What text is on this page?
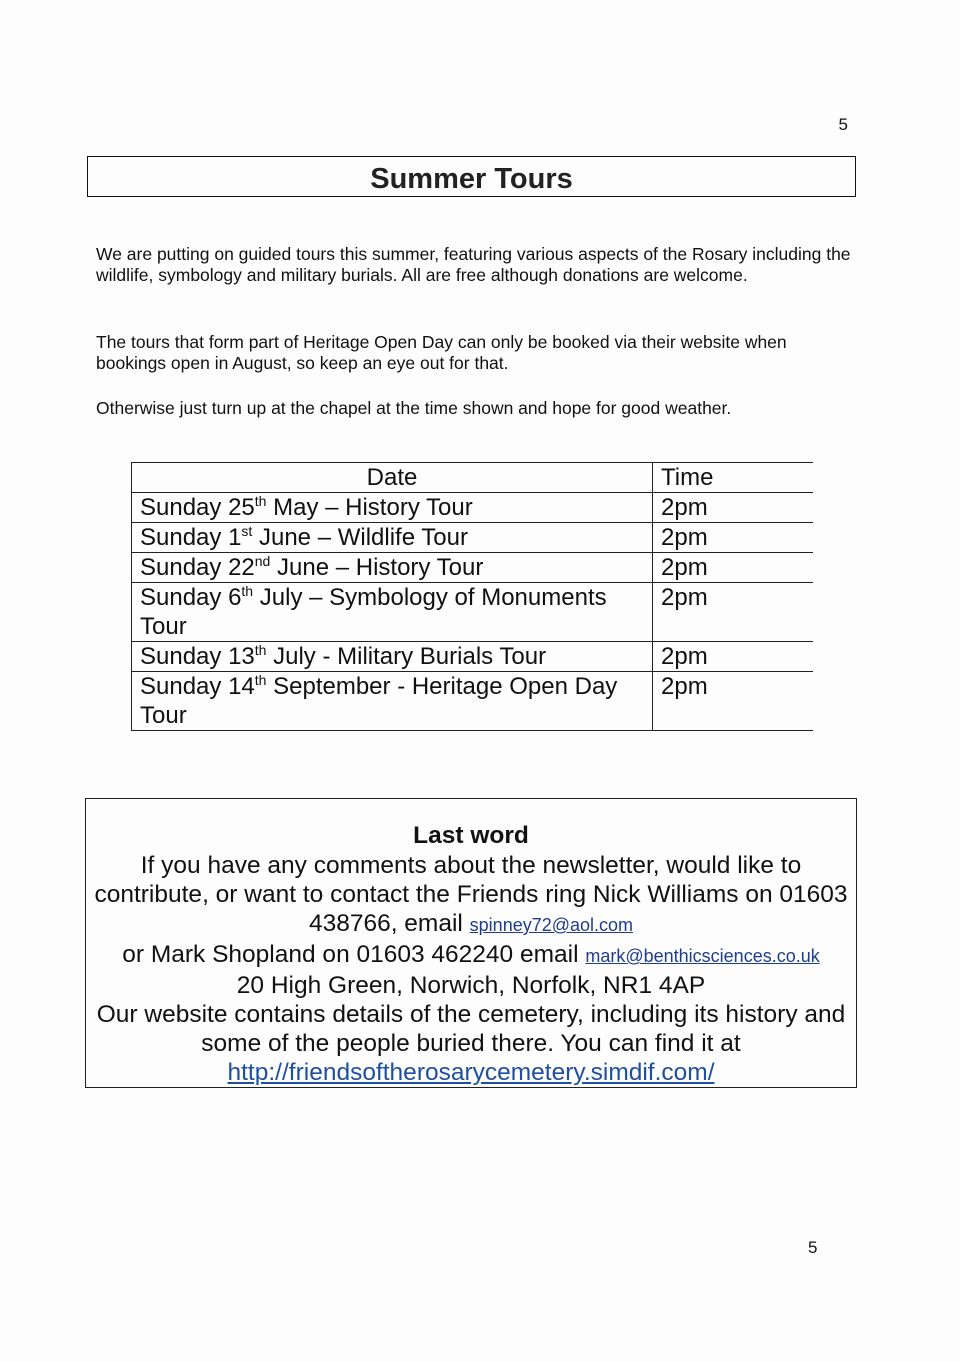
5
Summer Tours

We are putting on guided tours this summer, featuring various aspects of the Rosary including the wildlife, symbology and military burials. All are free although donations are welcome.

The tours that form part of Heritage Open Day can only be booked via their website when bookings open in August, so keep an eye out for that.

Otherwise just turn up at the chapel at the time shown and hope for good weather.

Date	Time
Sunday 25th May – History Tour	2pm
Sunday 1st June – Wildlife Tour	2pm
Sunday 22nd June – History Tour	2pm
Sunday 6th July – Symbology of Monuments Tour	2pm
Sunday 13th July - Military Burials Tour	2pm
Sunday 14th September - Heritage Open Day Tour	2pm
Last word

If you have any comments about the newsletter, would like to contribute, or want to contact the Friends ring Nick Williams on 01603 438766, email spinney72@aol.com

or Mark Shopland on 01603 462240 email mark@benthicsciences.co.uk

20 High Green, Norwich, Norfolk, NR1 4AP

Our website contains details of the cemetery, including its history and some of the people buried there. You can find it at

http://friendsoftherosarycemetery.simdif.com/

5
